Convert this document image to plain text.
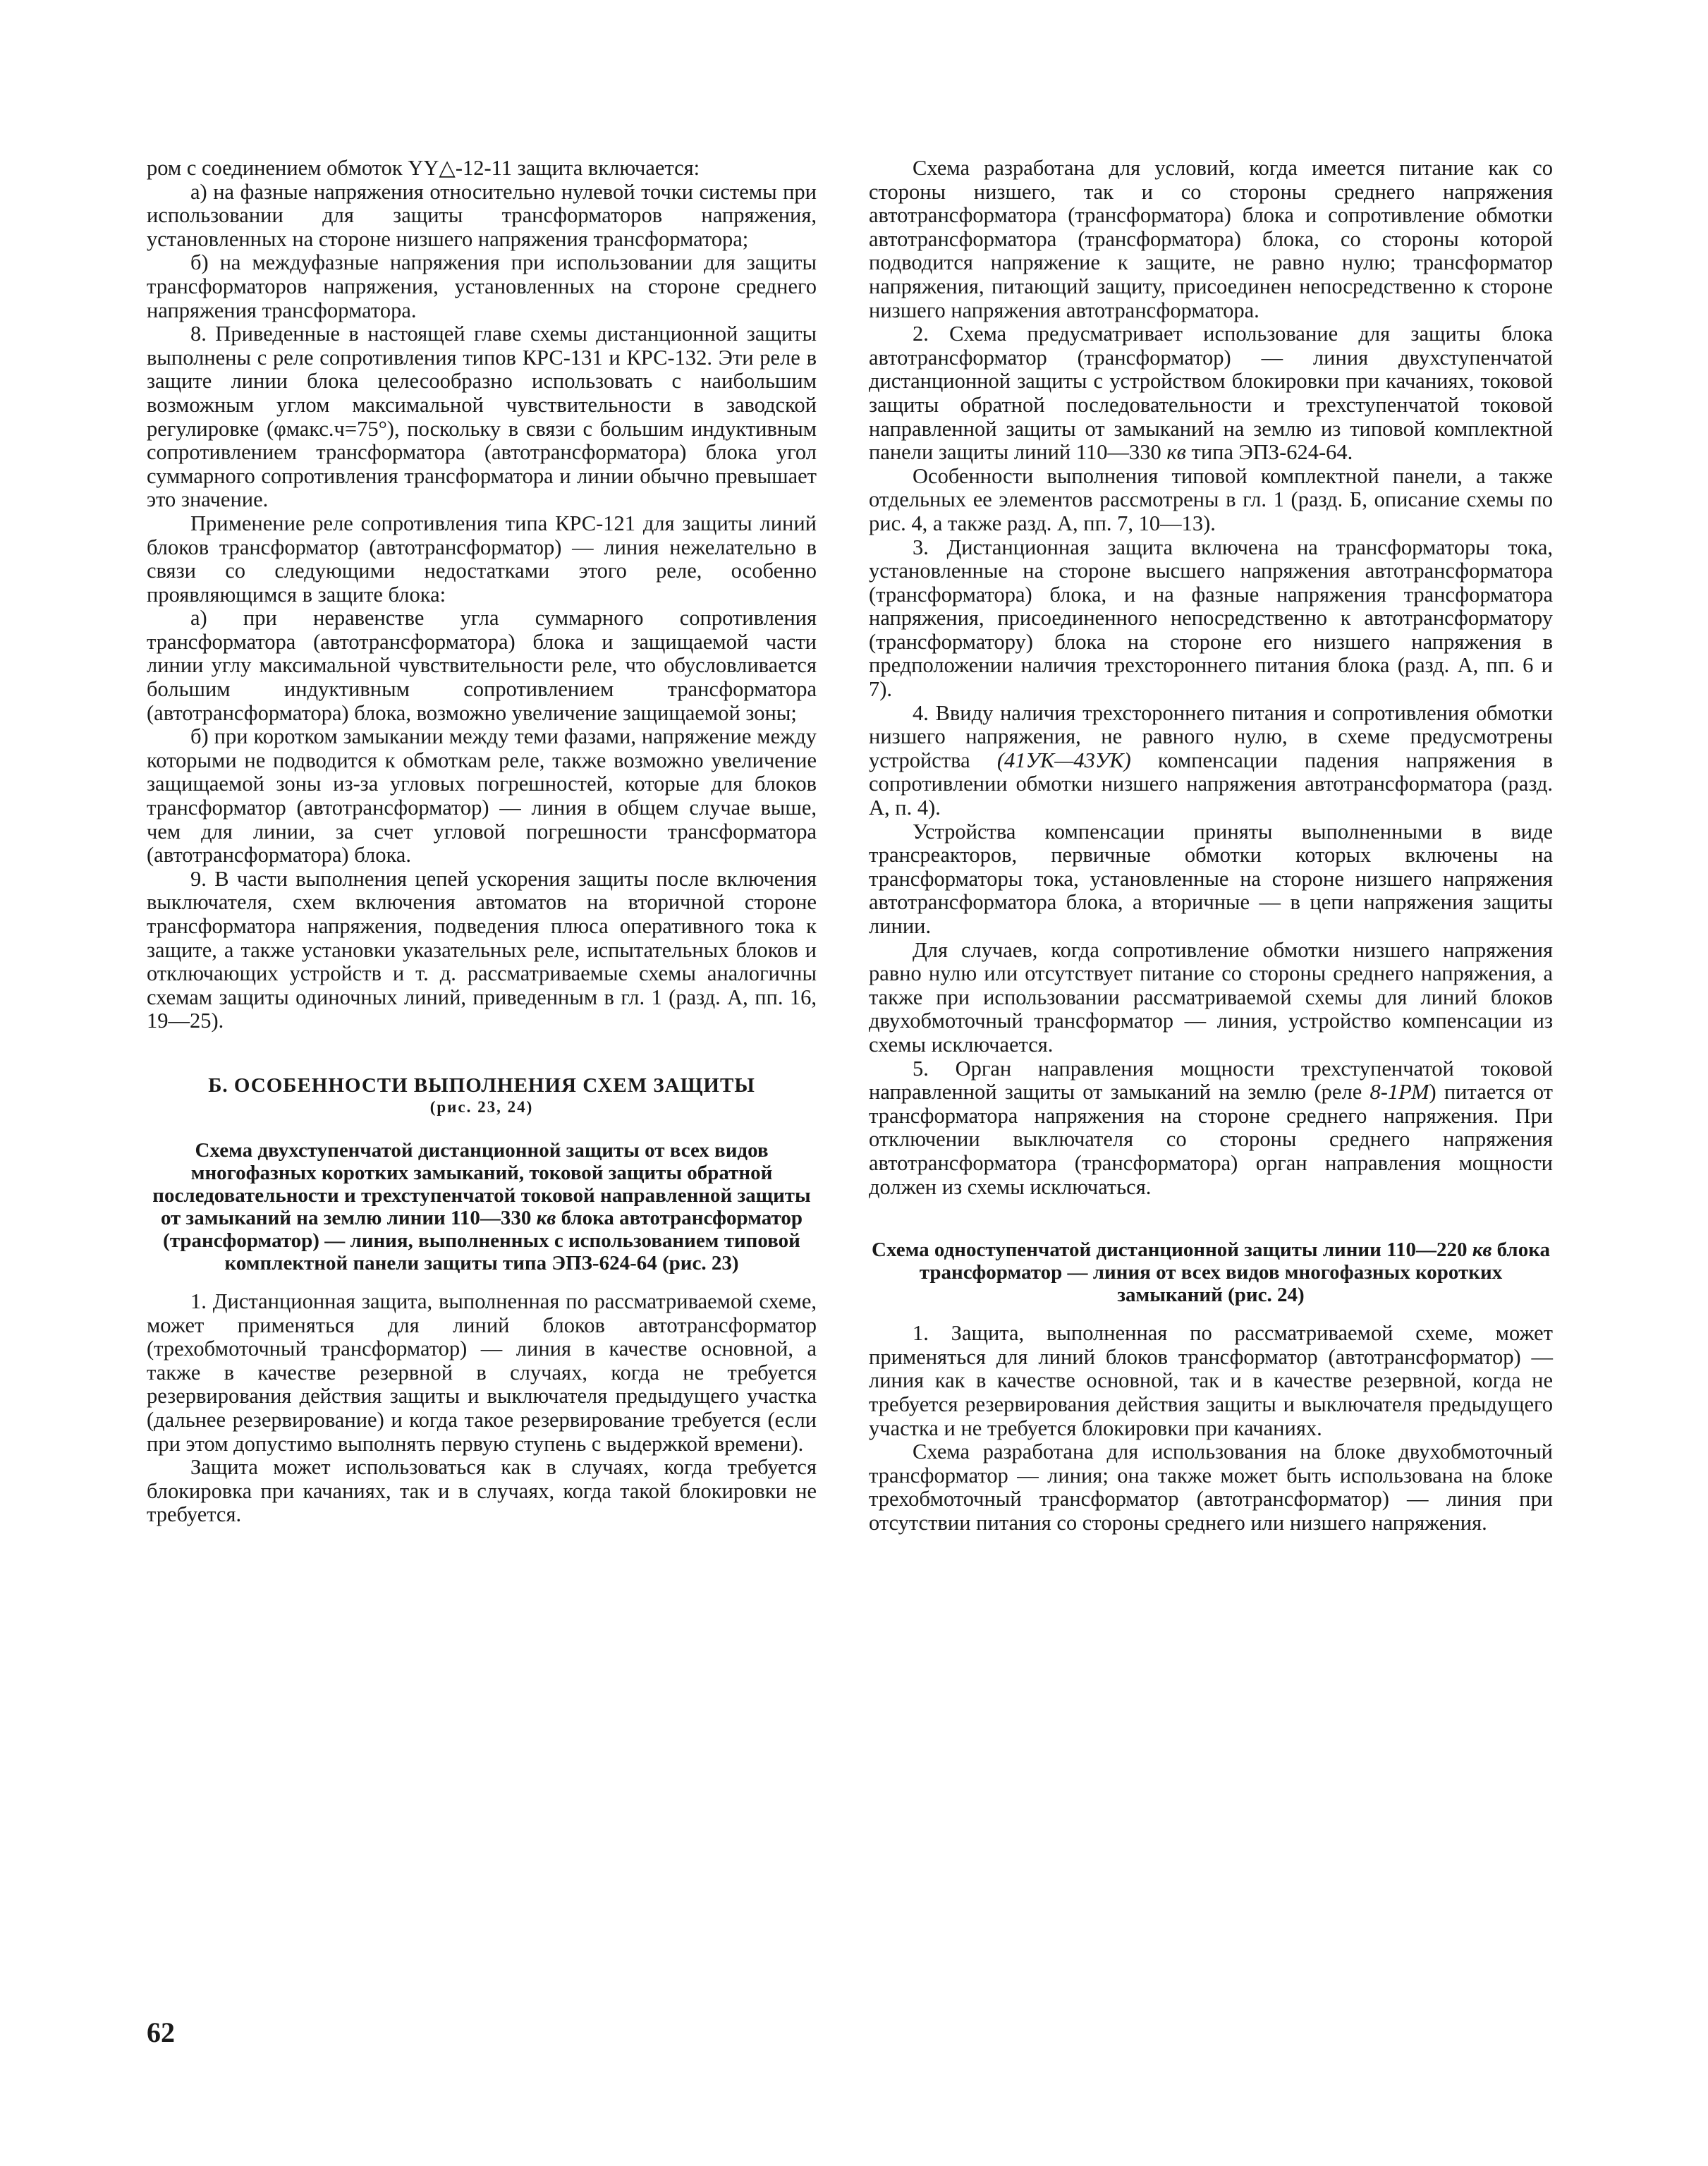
ром с соединением обмоток YY△-12-11 защита включается:

а) на фазные напряжения относительно нулевой точки системы при использовании для защиты трансформаторов напряжения, установленных на стороне низшего напряжения трансформатора;

б) на междуфазные напряжения при использовании для защиты трансформаторов напряжения, установленных на стороне среднего напряжения трансформатора.

8. Приведенные в настоящей главе схемы дистанционной защиты выполнены с реле сопротивления типов КРС-131 и КРС-132. Эти реле в защите линии блока целесообразно использовать с наибольшим возможным углом максимальной чувствительности в заводской регулировке (φмакс.ч=75°), поскольку в связи с большим индуктивным сопротивлением трансформатора (автотрансформатора) блока угол суммарного сопротивления трансформатора и линии обычно превышает это значение.

Применение реле сопротивления типа КРС-121 для защиты линий блоков трансформатор (автотрансформатор) — линия нежелательно в связи со следующими недостатками этого реле, особенно проявляющимся в защите блока:

а) при неравенстве угла суммарного сопротивления трансформатора (автотрансформатора) блока и защищаемой части линии углу максимальной чувствительности реле, что обусловливается большим индуктивным сопротивлением трансформатора (автотрансформатора) блока, возможно увеличение защищаемой зоны;

б) при коротком замыкании между теми фазами, напряжение между которыми не подводится к обмоткам реле, также возможно увеличение защищаемой зоны из-за угловых погрешностей, которые для блоков трансформатор (автотрансформатор) — линия в общем случае выше, чем для линии, за счет угловой погрешности трансформатора (автотрансформатора) блока.

9. В части выполнения цепей ускорения защиты после включения выключателя, схем включения автоматов на вторичной стороне трансформатора напряжения, подведения плюса оперативного тока к защите, а также установки указательных реле, испытательных блоков и отключающих устройств и т. д. рассматриваемые схемы аналогичны схемам защиты одиночных линий, приведенным в гл. 1 (разд. А, пп. 16, 19—25).

Б. ОСОБЕННОСТИ ВЫПОЛНЕНИЯ СХЕМ ЗАЩИТЫ

(рис. 23, 24)

Схема двухступенчатой дистанционной защиты от всех видов многофазных коротких замыканий, токовой защиты обратной последовательности и трехступенчатой токовой направленной защиты от замыканий на землю линии 110—330 кв блока автотрансформатор (трансформатор) — линия, выполненных с использованием типовой комплектной панели защиты типа ЭПЗ-624-64 (рис. 23)

1. Дистанционная защита, выполненная по рассматриваемой схеме, может применяться для линий блоков автотрансформатор (трехобмоточный трансформатор) — линия в качестве основной, а также в качестве резервной в случаях, когда не требуется резервирования действия защиты и выключателя предыдущего участка (дальнее резервирование) и когда такое резервирование требуется (если при этом допустимо выполнять первую ступень с выдержкой времени).

Защита может использоваться как в случаях, когда требуется блокировка при качаниях, так и в случаях, когда такой блокировки не требуется.

Схема разработана для условий, когда имеется питание как со стороны низшего, так и со стороны среднего напряжения автотрансформатора (трансформатора) блока и сопротивление обмотки автотрансформатора (трансформатора) блока, со стороны которой подводится напряжение к защите, не равно нулю; трансформатор напряжения, питающий защиту, присоединен непосредственно к стороне низшего напряжения автотрансформатора.

2. Схема предусматривает использование для защиты блока автотрансформатор (трансформатор) — линия двухступенчатой дистанционной защиты с устройством блокировки при качаниях, токовой защиты обратной последовательности и трехступенчатой токовой направленной защиты от замыканий на землю из типовой комплектной панели защиты линий 110—330 кв типа ЭПЗ-624-64.

Особенности выполнения типовой комплектной панели, а также отдельных ее элементов рассмотрены в гл. 1 (разд. Б, описание схемы по рис. 4, а также разд. А, пп. 7, 10—13).

3. Дистанционная защита включена на трансформаторы тока, установленные на стороне высшего напряжения автотрансформатора (трансформатора) блока, и на фазные напряжения трансформатора напряжения, присоединенного непосредственно к автотрансформатору (трансформатору) блока на стороне его низшего напряжения в предположении наличия трехстороннего питания блока (разд. А, пп. 6 и 7).

4. Ввиду наличия трехстороннего питания и сопротивления обмотки низшего напряжения, не равного нулю, в схеме предусмотрены устройства (41УК—43УК) компенсации падения напряжения в сопротивлении обмотки низшего напряжения автотрансформатора (разд. А, п. 4).

Устройства компенсации приняты выполненными в виде трансреакторов, первичные обмотки которых включены на трансформаторы тока, установленные на стороне низшего напряжения автотрансформатора блока, а вторичные — в цепи напряжения защиты линии.

Для случаев, когда сопротивление обмотки низшего напряжения равно нулю или отсутствует питание со стороны среднего напряжения, а также при использовании рассматриваемой схемы для линий блоков двухобмоточный трансформатор — линия, устройство компенсации из схемы исключается.

5. Орган направления мощности трехступенчатой токовой направленной защиты от замыканий на землю (реле 8-1РМ) питается от трансформатора напряжения на стороне среднего напряжения. При отключении выключателя со стороны среднего напряжения автотрансформатора (трансформатора) орган направления мощности должен из схемы исключаться.

Схема одноступенчатой дистанционной защиты линии 110—220 кв блока трансформатор — линия от всех видов многофазных коротких замыканий (рис. 24)

1. Защита, выполненная по рассматриваемой схеме, может применяться для линий блоков трансформатор (автотрансформатор) — линия как в качестве основной, так и в качестве резервной, когда не требуется резервирования действия защиты и выключателя предыдущего участка и не требуется блокировки при качаниях.

Схема разработана для использования на блоке двухобмоточный трансформатор — линия; она также может быть использована на блоке трехобмоточный трансформатор (автотрансформатор) — линия при отсутствии питания со стороны среднего или низшего напряжения.

62
